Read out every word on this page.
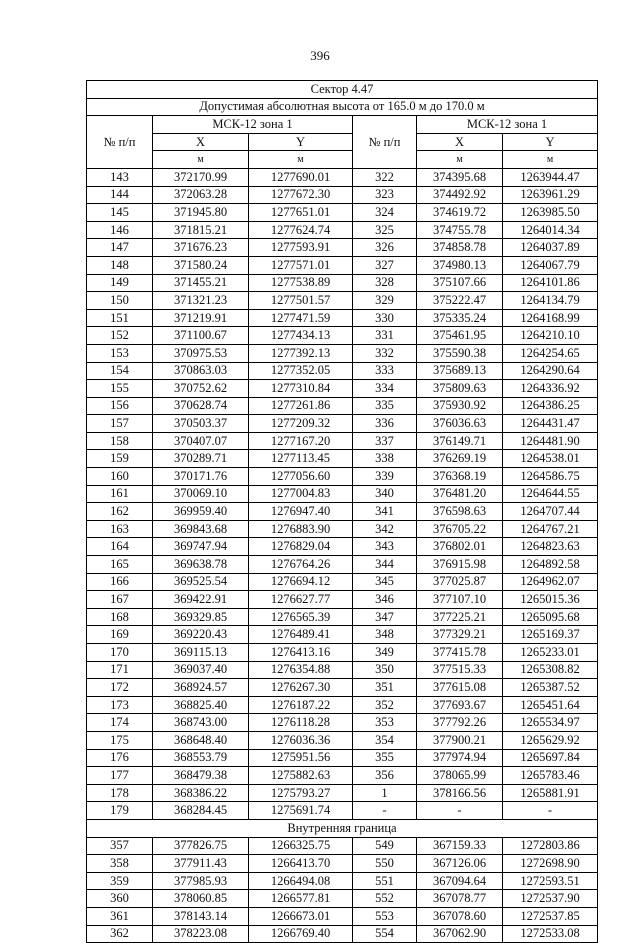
396
Сектор 4.47					
Допустимая абсолютная высота от 165.0 м до 170.0 м					
№ п/п	МСК-12 зона 1		№ п/п	МСК-12 зона 1	
	X	Y		X	Y
	м	м		м	м
143	372170.99	1277690.01	322	374395.68	1263944.47
144	372063.28	1277672.30	323	374492.92	1263961.29
145	371945.80	1277651.01	324	374619.72	1263985.50
146	371815.21	1277624.74	325	374755.78	1264014.34
147	371676.23	1277593.91	326	374858.78	1264037.89
148	371580.24	1277571.01	327	374980.13	1264067.79
149	371455.21	1277538.89	328	375107.66	1264101.86
150	371321.23	1277501.57	329	375222.47	1264134.79
151	371219.91	1277471.59	330	375335.24	1264168.99
152	371100.67	1277434.13	331	375461.95	1264210.10
153	370975.53	1277392.13	332	375590.38	1264254.65
154	370863.03	1277352.05	333	375689.13	1264290.64
155	370752.62	1277310.84	334	375809.63	1264336.92
156	370628.74	1277261.86	335	375930.92	1264386.25
157	370503.37	1277209.32	336	376036.63	1264431.47
158	370407.07	1277167.20	337	376149.71	1264481.90
159	370289.71	1277113.45	338	376269.19	1264538.01
160	370171.76	1277056.60	339	376368.19	1264586.75
161	370069.10	1277004.83	340	376481.20	1264644.55
162	369959.40	1276947.40	341	376598.63	1264707.44
163	369843.68	1276883.90	342	376705.22	1264767.21
164	369747.94	1276829.04	343	376802.01	1264823.63
165	369638.78	1276764.26	344	376915.98	1264892.58
166	369525.54	1276694.12	345	377025.87	1264962.07
167	369422.91	1276627.77	346	377107.10	1265015.36
168	369329.85	1276565.39	347	377225.21	1265095.68
169	369220.43	1276489.41	348	377329.21	1265169.37
170	369115.13	1276413.16	349	377415.78	1265233.01
171	369037.40	1276354.88	350	377515.33	1265308.82
172	368924.57	1276267.30	351	377615.08	1265387.52
173	368825.40	1276187.22	352	377693.67	1265451.64
174	368743.00	1276118.28	353	377792.26	1265534.97
175	368648.40	1276036.36	354	377900.21	1265629.92
176	368553.79	1275951.56	355	377974.94	1265697.84
177	368479.38	1275882.63	356	378065.99	1265783.46
178	368386.22	1275793.27	1	378166.56	1265881.91
179	368284.45	1275691.74	-	-	-
Внутренняя граница					
357	377826.75	1266325.75	549	367159.33	1272803.86
358	377911.43	1266413.70	550	367126.06	1272698.90
359	377985.93	1266494.08	551	367094.64	1272593.51
360	378060.85	1266577.81	552	367078.77	1272537.90
361	378143.14	1266673.01	553	367078.60	1272537.85
362	378223.08	1266769.40	554	367062.90	1272533.08
